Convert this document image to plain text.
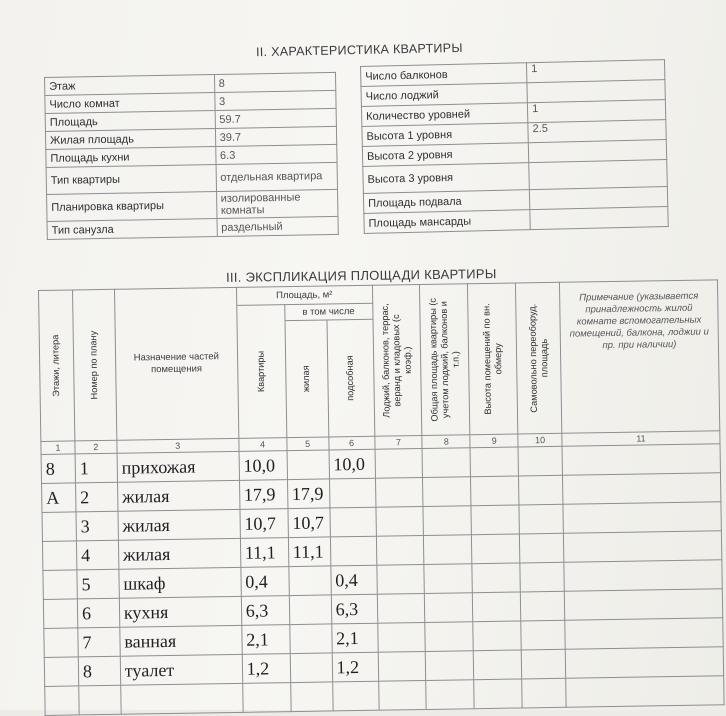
II. ХАРАКТЕРИСТИКА КВАРТИРЫ
Этаж	8
Число комнат	3
Площадь	59.7
Жилая площадь	39.7
Площадь кухни	6.3
Тип квартиры	отдельная квартира
Планировка квартиры	изолированные комнаты
Тип санузла	раздельный
Число балконов	1
Число лоджий	
Количество уровней	1
Высота 1 уровня	2.5
Высота 2 уровня	
Высота 3 уровня	
Площадь подвала	
Площадь мансарды	
III. ЭКСПЛИКАЦИЯ ПЛОЩАДИ КВАРТИРЫ
Этажи, литера	Номер по плану	Назначение частей помещения	Площадь, м²			Лоджий, балконов, террас, веранд и кладовых (с коэф.)	Общая площадь квартиры (с учетом лоджий, балконов и т.п.)	Высота помещений по вн. обмеру	Самовольно переоборуд. площадь	Примечание (указывается принадлежность жилой комнате вспомогательных помещений, балкона, лоджии и пр. при наличии)

			Квартиры	в том числе						

				жилая	подсобная					

1	2	3	4	5	6	7	8	9	10	11
8	1	прихожая	10,0		10,0					
А	2	жилая	17,9	17,9						
	3	жилая	10,7	10,7						
	4	жилая	11,1	11,1						
	5	шкаф	0,4		0,4					
	6	кухня	6,3		6,3					
	7	ванная	2,1		2,1					
	8	туалет	1,2		1,2					
